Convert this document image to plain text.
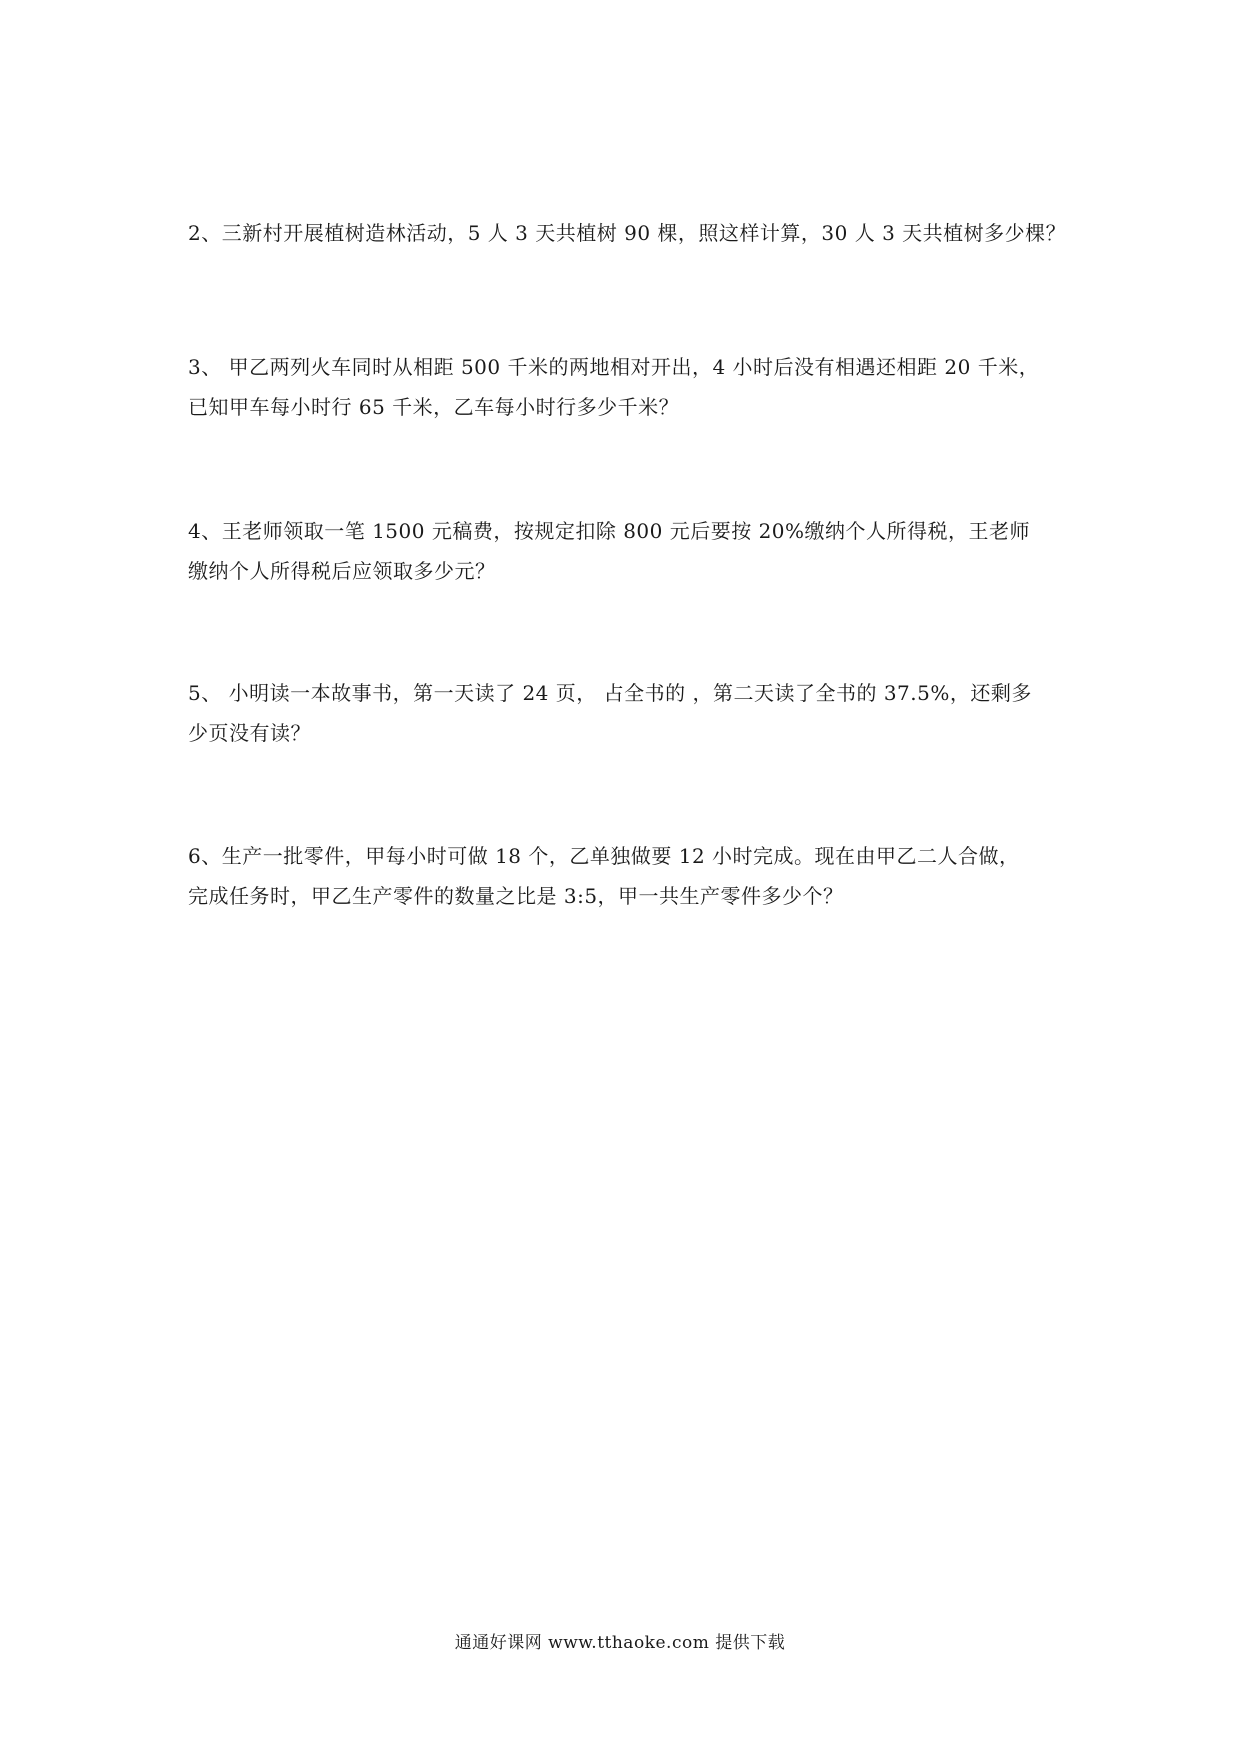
2、三新村开展植树造林活动，5 人 3 天共植树 90 棵，照这样计算，30 人 3 天共植树多少棵？
3、 甲乙两列火车同时从相距 500 千米的两地相对开出，4 小时后没有相遇还相距 20 千米，
已知甲车每小时行 65 千米，乙车每小时行多少千米？
4、王老师领取一笔 1500 元稿费，按规定扣除 800 元后要按 20%缴纳个人所得税，王老师
缴纳个人所得税后应领取多少元？
5、 小明读一本故事书，第一天读了 24 页， 占全书的 ，第二天读了全书的 37.5%，还剩多
少页没有读？
6、生产一批零件，甲每小时可做 18 个，乙单独做要 12 小时完成。现在由甲乙二人合做，
完成任务时，甲乙生产零件的数量之比是 3:5，甲一共生产零件多少个？
通通好课网 www.tthaoke.com 提供下载
